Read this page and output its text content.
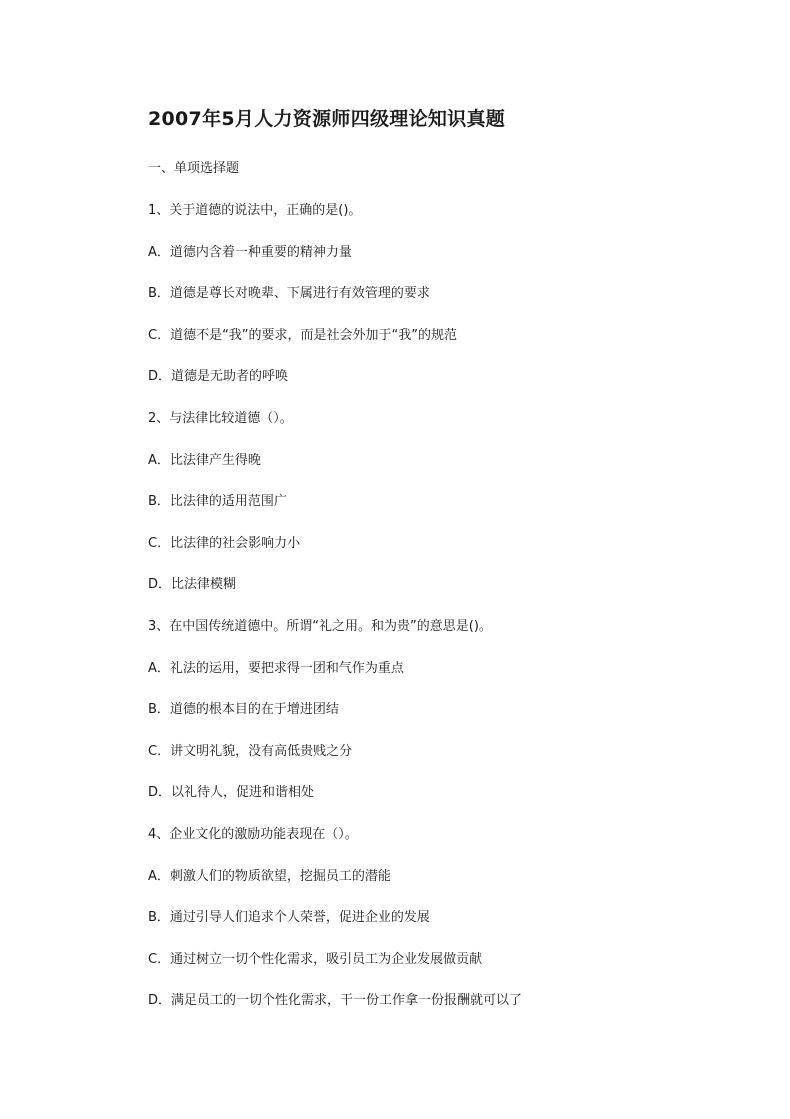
2007年5月人力资源师四级理论知识真题
一、单项选择题
1、关于道德的说法中，正确的是()。
A．道德内含着一种重要的精神力量
B．道德是尊长对晚辈、下属进行有效管理的要求
C．道德不是“我”的要求，而是社会外加于“我”的规范
D．道德是无助者的呼唤
2、与法律比较道德（）。
A．比法律产生得晚
B．比法律的适用范围广
C．比法律的社会影响力小
D．比法律模糊
3、在中国传统道德中。所谓“礼之用。和为贵”的意思是()。
A．礼法的运用，要把求得一团和气作为重点
B．道德的根本目的在于增进团结
C．讲文明礼貌，没有高低贵贱之分
D．以礼待人，促进和谐相处
4、企业文化的激励功能表现在（）。
A．刺激人们的物质欲望，挖掘员工的潜能
B．通过引导人们追求个人荣誉，促进企业的发展
C．通过树立一切个性化需求，吸引员工为企业发展做贡献
D．满足员工的一切个性化需求，干一份工作拿一份报酬就可以了
